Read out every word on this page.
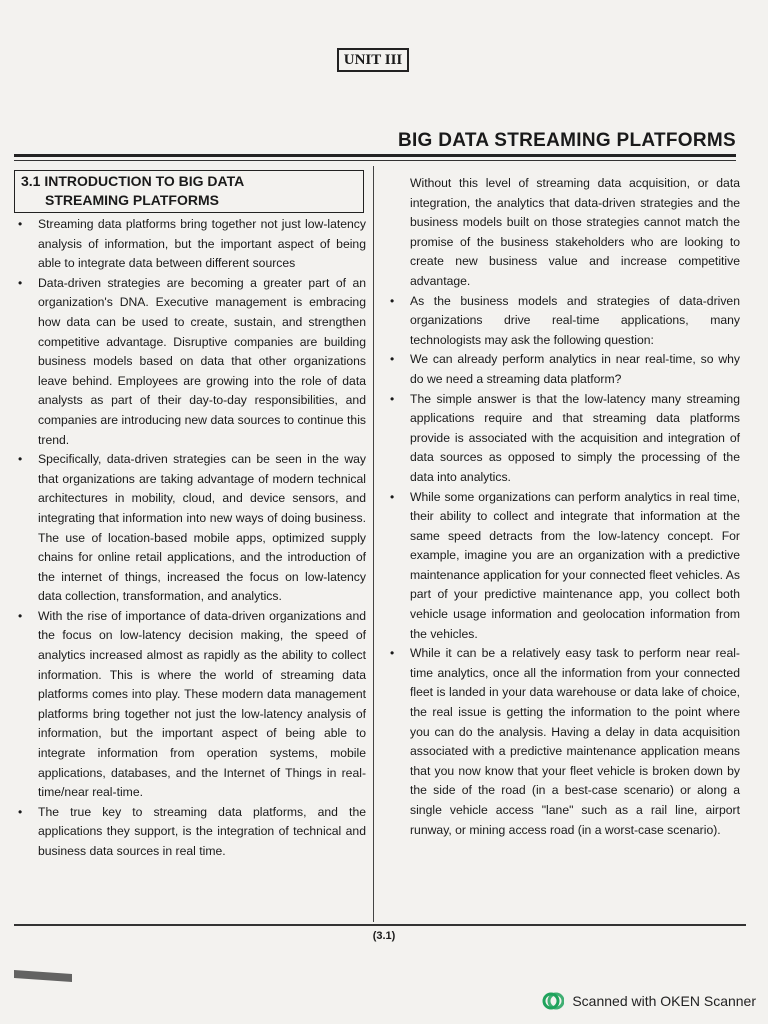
UNIT III
BIG DATA STREAMING PLATFORMS
3.1 INTRODUCTION TO BIG DATA
STREAMING PLATFORMS
• Streaming data platforms bring together not just low-latency analysis of information, but the important aspect of being able to integrate data between different sources
• Data-driven strategies are becoming a greater part of an organization's DNA. Executive management is embracing how data can be used to create, sustain, and strengthen competitive advantage. Disruptive companies are building business models based on data that other organizations leave behind. Employees are growing into the role of data analysts as part of their day-to-day responsibilities, and companies are introducing new data sources to continue this trend.
• Specifically, data-driven strategies can be seen in the way that organizations are taking advantage of modern technical architectures in mobility, cloud, and device sensors, and integrating that information into new ways of doing business. The use of location-based mobile apps, optimized supply chains for online retail applications, and the introduction of the internet of things, increased the focus on low-latency data collection, transformation, and analytics.
• With the rise of importance of data-driven organizations and the focus on low-latency decision making, the speed of analytics increased almost as rapidly as the ability to collect information. This is where the world of streaming data platforms comes into play. These modern data management platforms bring together not just the low-latency analysis of information, but the important aspect of being able to integrate information from operation systems, mobile applications, databases, and the Internet of Things in real-time/near real-time.
• The true key to streaming data platforms, and the applications they support, is the integration of technical and business data sources in real time.
Without this level of streaming data acquisition, or data integration, the analytics that data-driven strategies and the business models built on those strategies cannot match the promise of the business stakeholders who are looking to create new business value and increase competitive advantage.
• As the business models and strategies of data-driven organizations drive real-time applications, many technologists may ask the following question:
• We can already perform analytics in near real-time, so why do we need a streaming data platform?
• The simple answer is that the low-latency many streaming applications require and that streaming data platforms provide is associated with the acquisition and integration of data sources as opposed to simply the processing of the data into analytics.
• While some organizations can perform analytics in real time, their ability to collect and integrate that information at the same speed detracts from the low-latency concept. For example, imagine you are an organization with a predictive maintenance application for your connected fleet vehicles. As part of your predictive maintenance app, you collect both vehicle usage information and geolocation information from the vehicles.
• While it can be a relatively easy task to perform near real-time analytics, once all the information from your connected fleet is landed in your data warehouse or data lake of choice, the real issue is getting the information to the point where you can do the analysis. Having a delay in data acquisition associated with a predictive maintenance application means that you now know that your fleet vehicle is broken down by the side of the road (in a best-case scenario) or along a single vehicle access "lane" such as a rail line, airport runway, or mining access road (in a worst-case scenario).
(3.1)
Scanned with OKEN Scanner
